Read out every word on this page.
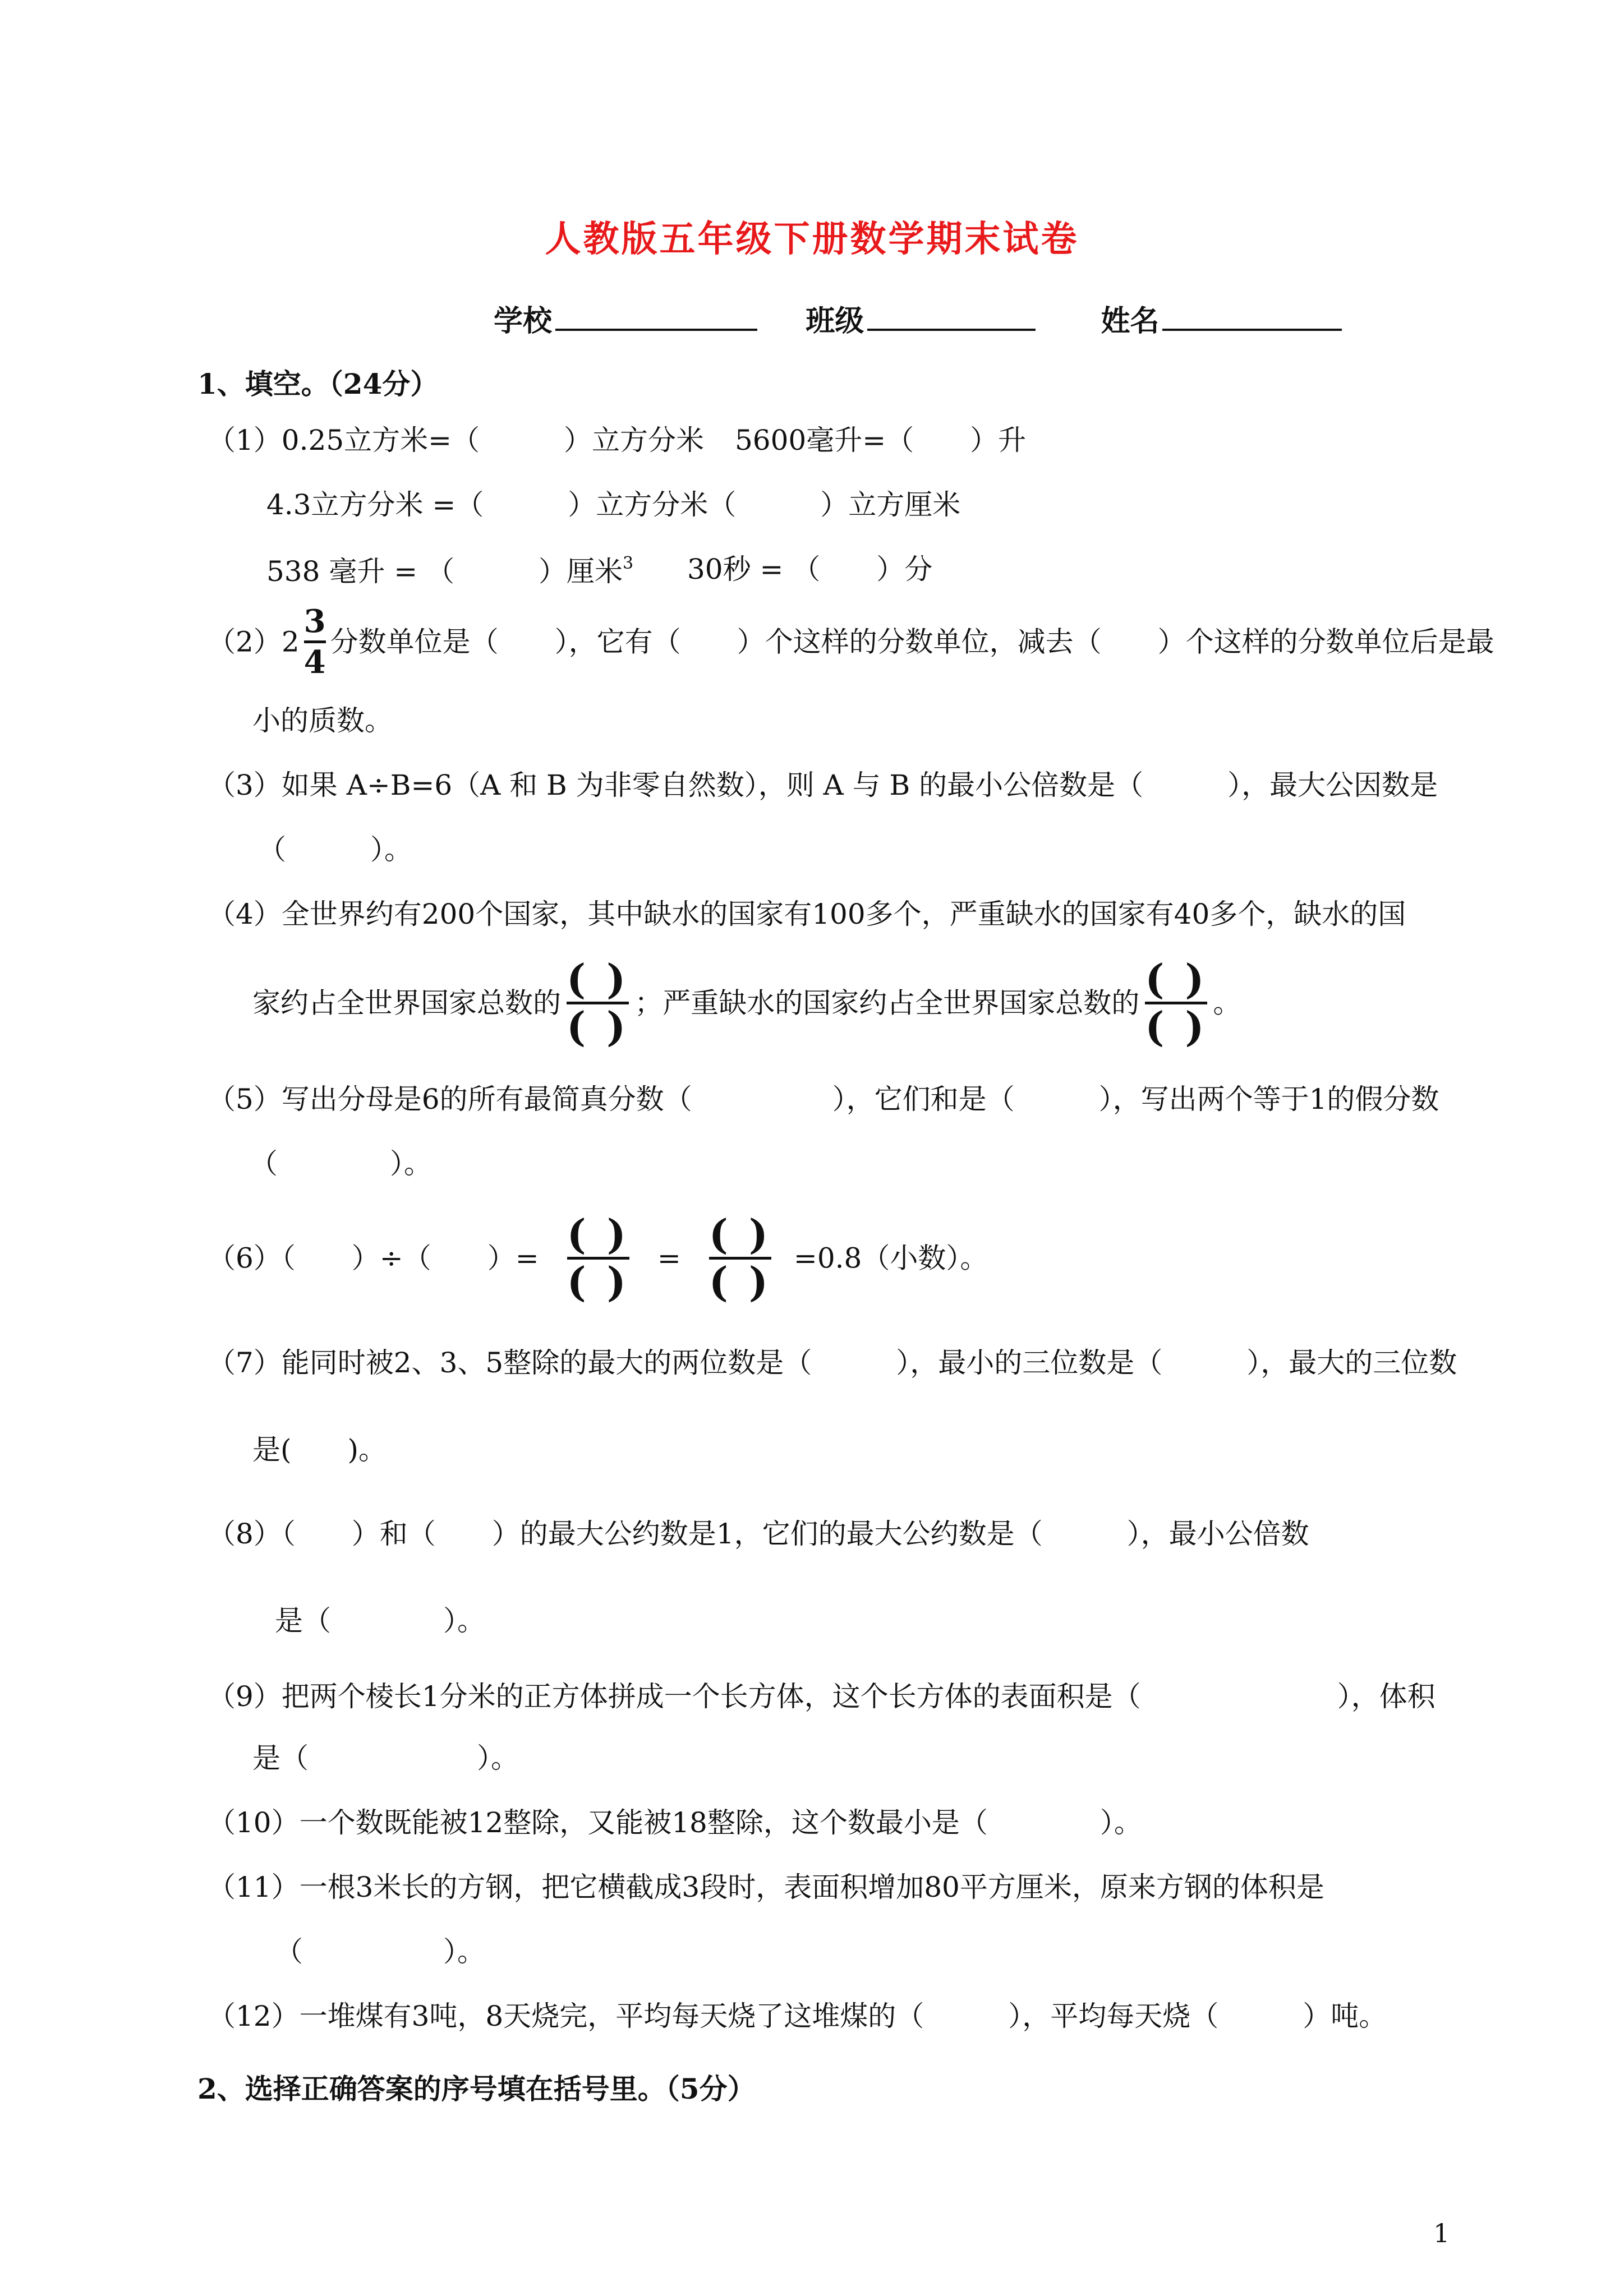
人教版五年级下册数学期末试卷
学校	班级	姓名
1、填空。（24分）
（1）0.25立方米=（　　　）立方分米 5600毫升=（　　）升
4.3立方分米 =（　　　）立方分米（　　　）立方厘米
538 毫升 = （　　　）厘米$^3$ 30秒 = （　　）分
$(2)2 \frac{3}{4}$ 分数单位是（　　），它有（　　）个这样的分数单位，减去（　　）个这样的分数单位后是最
小的质数。
（3）如果 A÷B=6（A 和 B 为非零自然数），则 A 与 B 的最小公倍数是（　　　），最大公因数是
（　　　）。
（4）全世界约有200个国家，其中缺水的国家有100多个，严重缺水的国家有40多个，缺水的国
家约占全世界国家总数的 $\frac{( )}{( )}$ ；严重缺水的国家约占全世界国家总数的 $\frac{( )}{( )}$ 。
（5）写出分母是6的所有最简真分数（　　　　　），它们和是（　　　），写出两个等于1的假分数
（　　　　）。
（6）（　　）÷（　　）= $\frac{( )}{( )} = \frac{( )}{( )} =0.8$（小数）。
（7）能同时被2、3、5整除的最大的两位数是（　　　），最小的三位数是（　　　），最大的三位数
是(　　)。
（8）（　　）和（　　）的最大公约数是1，它们的最大公约数是（　　　），最小公倍数
是（　　　　）。
（9）把两个棱长1分米的正方体拼成一个长方体，这个长方体的表面积是（　　　　　　　），体积
是（　　　　　　）。
（10）一个数既能被12整除，又能被18整除，这个数最小是（　　　　）。
（11）一根3米长的方钢，把它横截成3段时，表面积增加80平方厘米，原来方钢的体积是
（　　　　　）。
（12）一堆煤有3吨，8天烧完，平均每天烧了这堆煤的（　　　），平均每天烧（　　　）吨。
2、选择正确答案的序号填在括号里。（5分）
1
